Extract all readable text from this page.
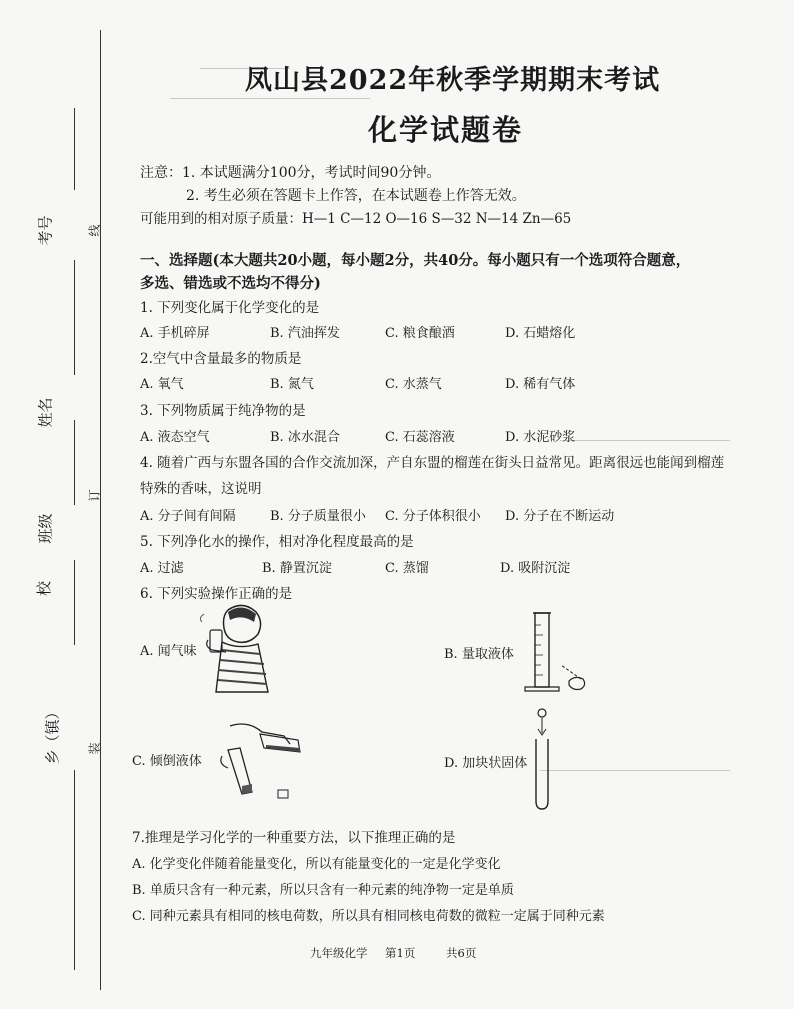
考号	线
姓名
班级
订
校
乡（镇） 装
凤山县2022年秋季学期期末考试
化学试题卷
注意：1. 本试题满分100分，考试时间90分钟。
2. 考生必须在答题卡上作答，在本试题卷上作答无效。
可能用到的相对原子质量：H—1 C—12 O—16 S—32 N—14 Zn—65
一、选择题(本大题共20小题，每小题2分，共40分。每小题只有一个选项符合题意，
多选、错选或不选均不得分)
1. 下列变化属于化学变化的是
A. 手机碎屏	B. 汽油挥发	C. 粮食酿酒	D. 石蜡熔化
2.空气中含量最多的物质是
A. 氧气	B. 氮气	C. 水蒸气	D. 稀有气体
3. 下列物质属于纯净物的是
A. 液态空气	B. 冰水混合	C. 石蕊溶液	D. 水泥砂浆
4. 随着广西与东盟各国的合作交流加深，产自东盟的榴莲在街头日益常见。距离很远也能闻到榴莲
特殊的香味，这说明
A. 分子间有间隔	B. 分子质量很小 C. 分子体积很小 D. 分子在不断运动
5. 下列净化水的操作，相对净化程度最高的是
A. 过滤	B. 静置沉淀	C. 蒸馏	D. 吸附沉淀
6. 下列实验操作正确的是
A. 闻气味	B. 量取液体
C. 倾倒液体	D. 加块状固体
7.推理是学习化学的一种重要方法，以下推理正确的是
A. 化学变化伴随着能量变化，所以有能量变化的一定是化学变化
B. 单质只含有一种元素，所以只含有一种元素的纯净物一定是单质
C. 同种元素具有相同的核电荷数，所以具有相同核电荷数的微粒一定属于同种元素
九年级化学 第1页	共6页
